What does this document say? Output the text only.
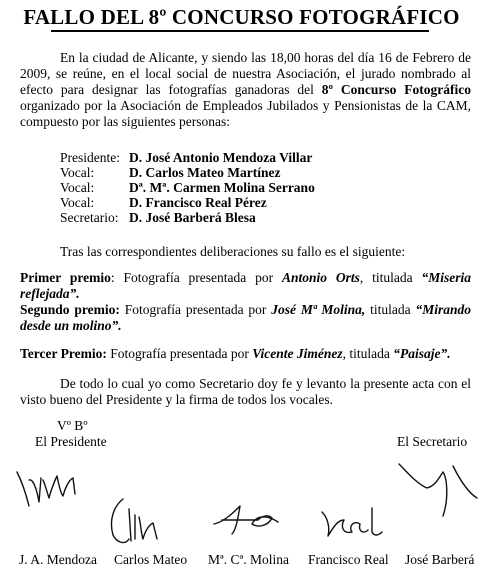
FALLO DEL 8º CONCURSO FOTOGRÁFICO
En la ciudad de Alicante, y siendo las 18,00 horas del día 16 de Febrero de 2009, se reúne, en el local social de nuestra Asociación, el jurado nombrado al efecto para designar las fotografías ganadoras del 8º Concurso Fotográfico organizado por la Asociación de Empleados Jubilados y Pensionistas de la CAM, compuesto por las siguientes personas:
Presidente: D. José Antonio Mendoza Villar
Vocal:	D. Carlos Mateo Martínez
Vocal:	Dª. Mª. Carmen Molina Serrano
Vocal:	D. Francisco Real Pérez
Secretario: D. José Barberá Blesa
Tras las correspondientes deliberaciones su fallo es el siguiente:
Primer premio: Fotografía presentada por Antonio Orts, titulada “Miseria reflejada”.
Segundo premio: Fotografía presentada por José Mª Molina, titulada “Mirando desde un molino”.
Tercer Premio: Fotografía presentada por Vicente Jiménez, titulada “Paisaje”.
De todo lo cual yo como Secretario doy fe y levanto la presente acta con el visto bueno del Presidente y la firma de todos los vocales.
Vº Bº
El Presidente	El Secretario
J. A. Mendoza Carlos Mateo Mª. Cª. Molina Francisco Real José Barberá
